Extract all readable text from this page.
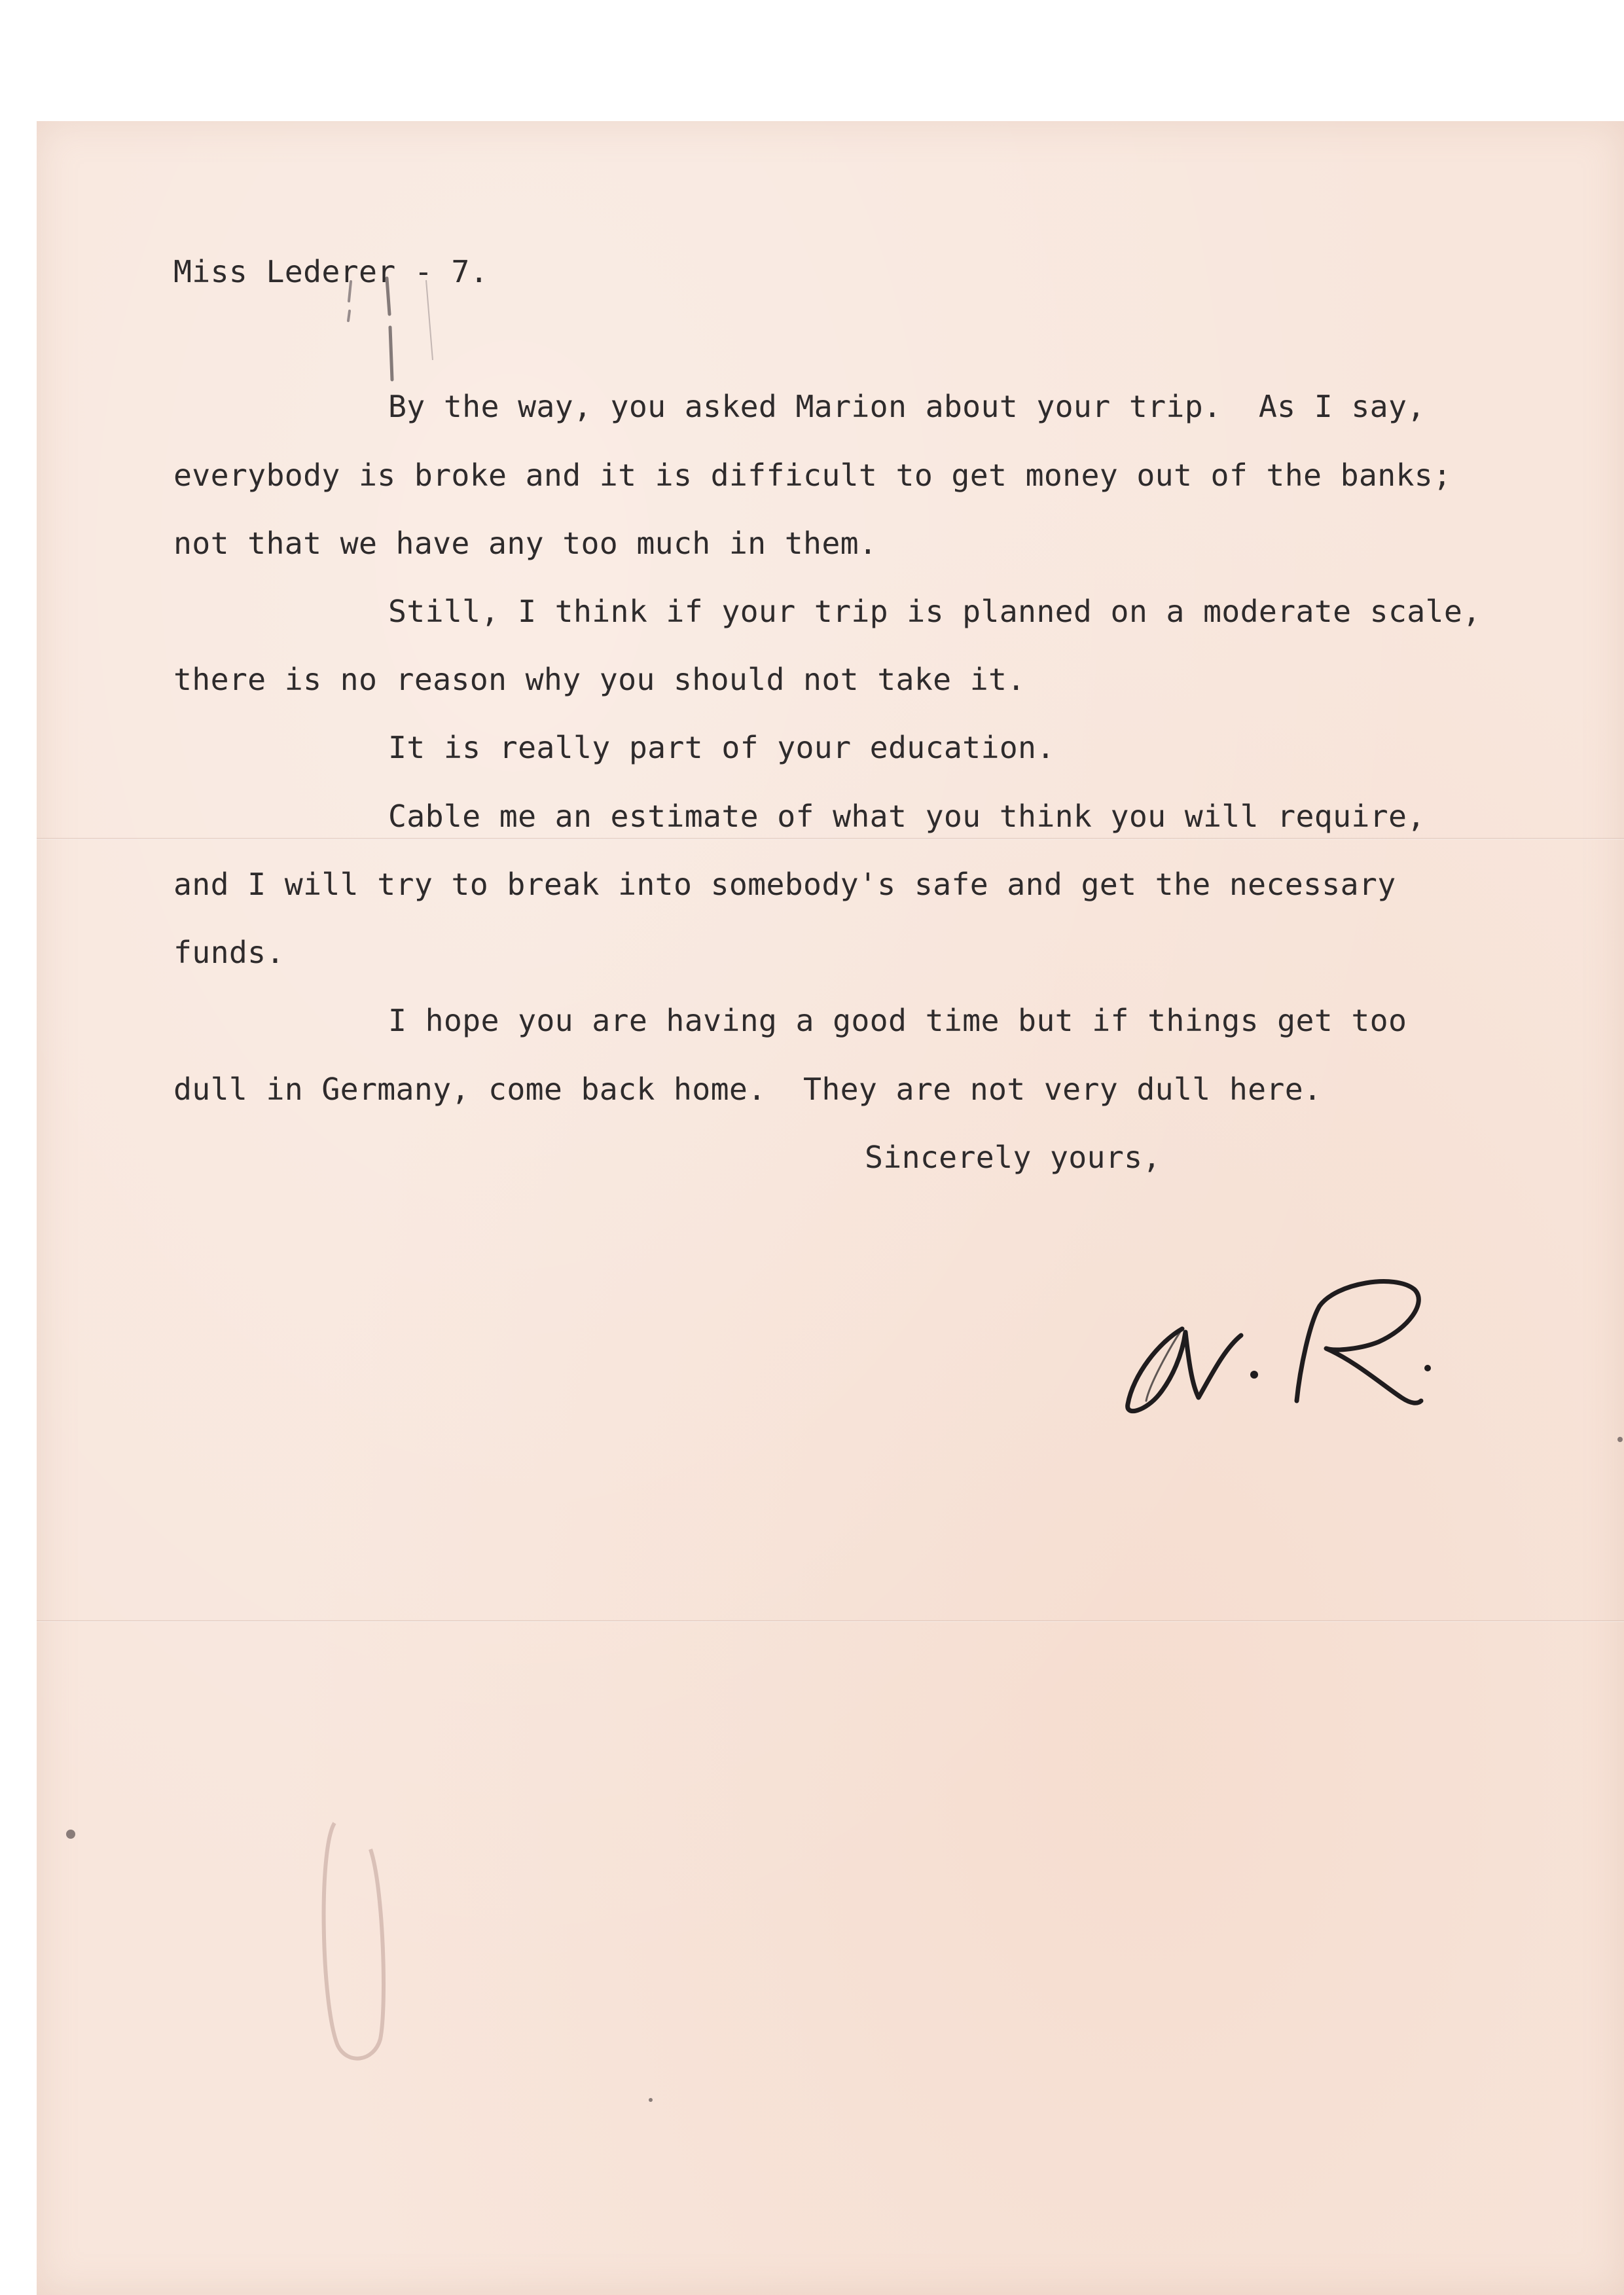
Miss Lederer - 7.
By the way, you asked Marion about your trip.  As I say,
everybody is broke and it is difficult to get money out of the banks;
not that we have any too much in them.
Still, I think if your trip is planned on a moderate scale,
there is no reason why you should not take it.
It is really part of your education.
Cable me an estimate of what you think you will require,
and I will try to break into somebody's safe and get the necessary
funds.
I hope you are having a good time but if things get too
dull in Germany, come back home.  They are not very dull here.
Sincerely yours,
